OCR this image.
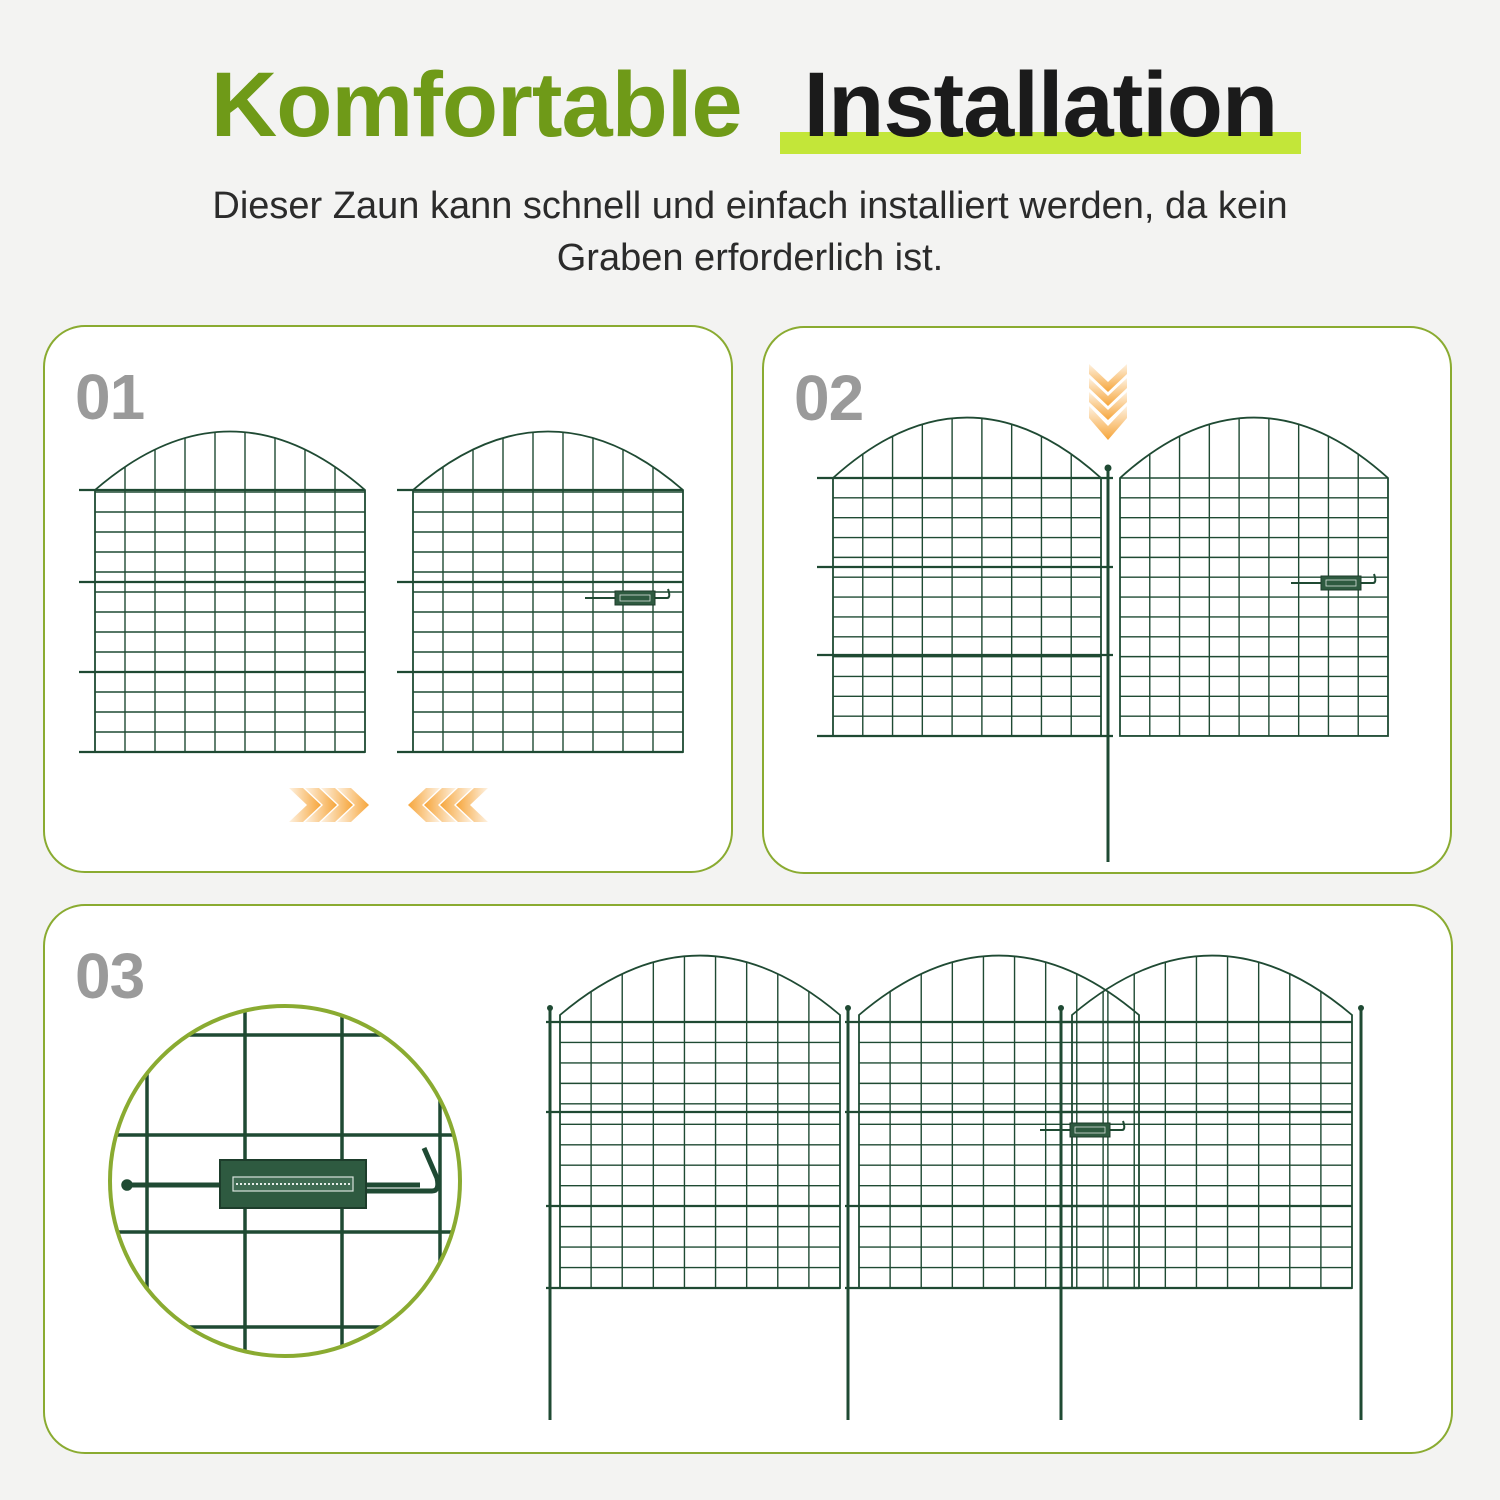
Komfortable Installation
Dieser Zaun kann schnell und einfach installiert werden, da kein
Graben erforderlich ist.
01	02
03
